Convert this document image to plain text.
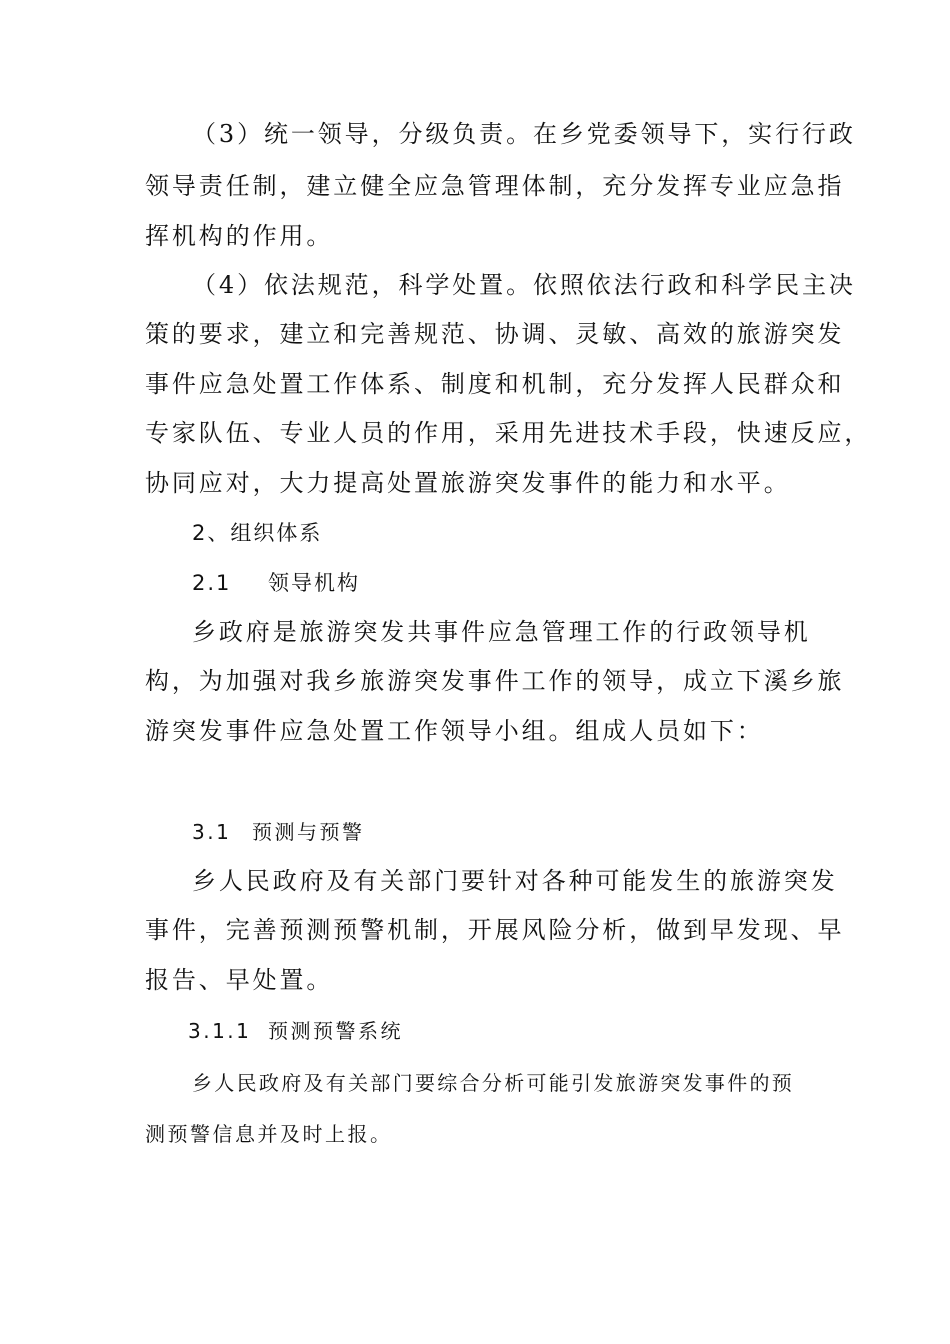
（3）统一领导，分级负责。在乡党委领导下，实行行政
领导责任制，建立健全应急管理体制，充分发挥专业应急指
挥机构的作用。
（4）依法规范，科学处置。依照依法行政和科学民主决
策的要求，建立和完善规范、协调、灵敏、高效的旅游突发
事件应急处置工作体系、制度和机制，充分发挥人民群众和
专家队伍、专业人员的作用，采用先进技术手段，快速反应，
协同应对，大力提高处置旅游突发事件的能力和水平。
2、组织体系
2.1 领导机构
乡政府是旅游突发共事件应急管理工作的行政领导机
构，为加强对我乡旅游突发事件工作的领导，成立下溪乡旅
游突发事件应急处置工作领导小组。组成人员如下：
3.1 预测与预警
乡人民政府及有关部门要针对各种可能发生的旅游突发
事件，完善预测预警机制，开展风险分析，做到早发现、早
报告、早处置。
3.1.1 预测预警系统
乡人民政府及有关部门要综合分析可能引发旅游突发事件的预
测预警信息并及时上报。
